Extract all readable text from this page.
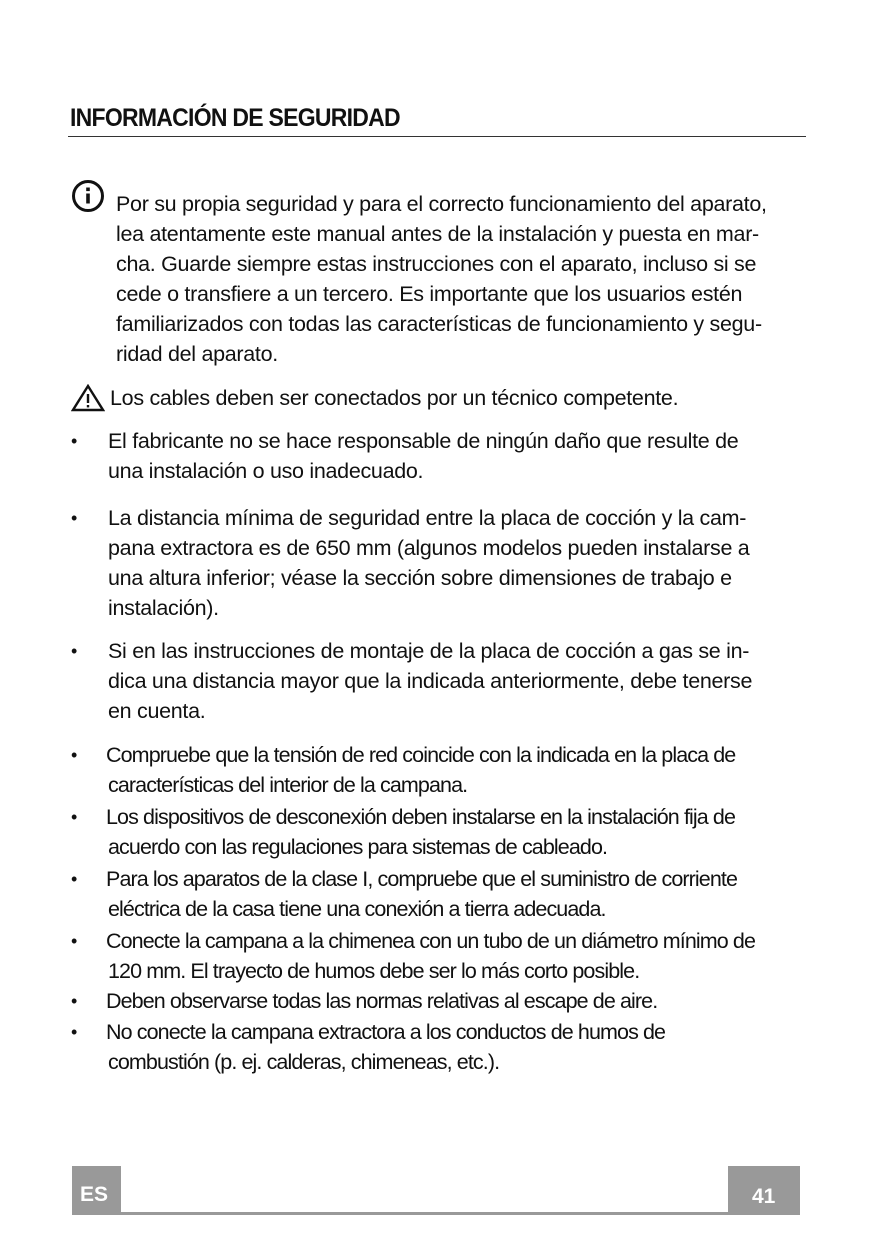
INFORMACIÓN DE SEGURIDAD
Por su propia seguridad y para el correcto funcionamiento del aparato,
lea atentamente este manual antes de la instalación y puesta en mar-
cha. Guarde siempre estas instrucciones con el aparato, incluso si se
cede o transfiere a un tercero. Es importante que los usuarios estén
familiarizados con todas las características de funcionamiento y segu-
ridad del aparato.

Los cables deben ser conectados por un técnico competente.

• El fabricante no se hace responsable de ningún daño que resulte de
una instalación o uso inadecuado.
• La distancia mínima de seguridad entre la placa de cocción y la cam-
pana extractora es de 650 mm (algunos modelos pueden instalarse a
una altura inferior; véase la sección sobre dimensiones de trabajo e
instalación).
• Si en las instrucciones de montaje de la placa de cocción a gas se in-
dica una distancia mayor que la indicada anteriormente, debe tenerse
en cuenta.
• Compruebe que la tensión de red coincide con la indicada en la placa de
características del interior de la campana.
• Los dispositivos de desconexión deben instalarse en la instalación fija de
acuerdo con las regulaciones para sistemas de cableado.
• Para los aparatos de la clase I, compruebe que el suministro de corriente
eléctrica de la casa tiene una conexión a tierra adecuada.
• Conecte la campana a la chimenea con un tubo de un diámetro mínimo de
120 mm. El trayecto de humos debe ser lo más corto posible.
• Deben observarse todas las normas relativas al escape de aire.
• No conecte la campana extractora a los conductos de humos de
combustión (p. ej. calderas, chimeneas, etc.).
ES	41
